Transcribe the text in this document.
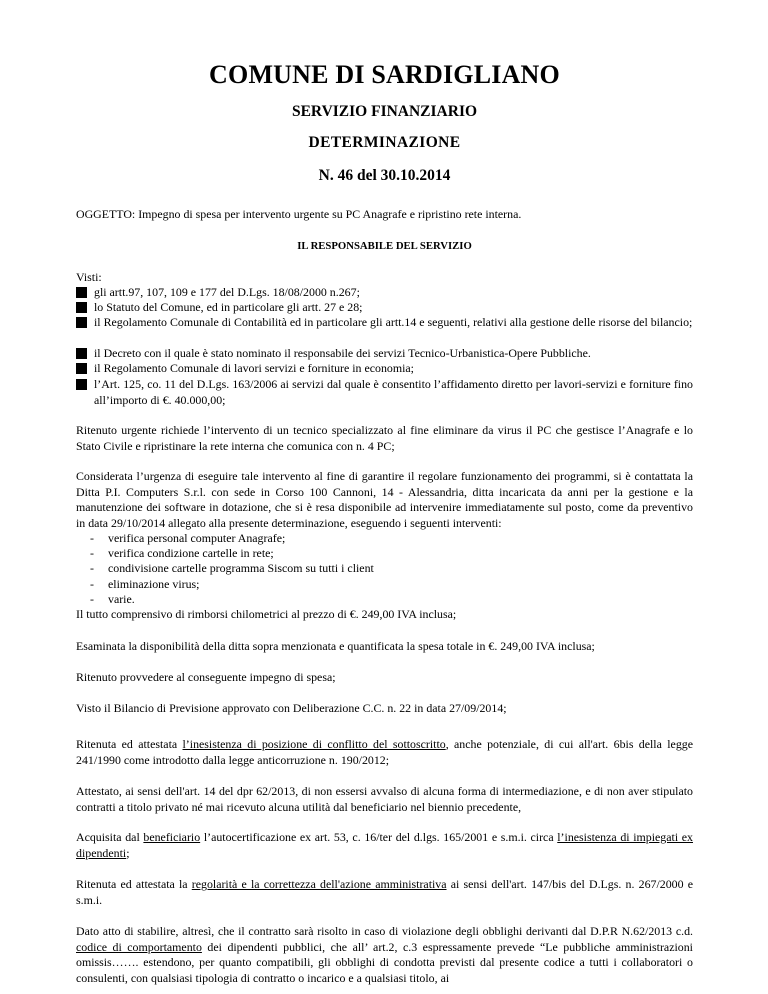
COMUNE DI SARDIGLIANO
SERVIZIO FINANZIARIO
DETERMINAZIONE
N. 46 del 30.10.2014
OGGETTO: Impegno di spesa per intervento urgente su PC Anagrafe e ripristino rete interna.
IL RESPONSABILE DEL SERVIZIO
Visti:
gli artt.97, 107, 109 e 177 del D.Lgs. 18/08/2000 n.267;
lo Statuto del Comune, ed in particolare gli artt. 27 e 28;
il Regolamento Comunale di Contabilità ed in particolare gli artt.14 e seguenti, relativi alla gestione delle risorse del bilancio;
il Decreto con il quale è stato nominato il responsabile dei servizi Tecnico-Urbanistica-Opere Pubbliche.
il Regolamento Comunale di lavori servizi e forniture in economia;
l’Art. 125, co. 11 del D.Lgs. 163/2006 ai servizi dal quale è consentito l’affidamento diretto per lavori-servizi e forniture fino all’importo di €. 40.000,00;
Ritenuto urgente richiede l’intervento di un tecnico specializzato al fine eliminare da virus il PC che gestisce l’Anagrafe e lo Stato Civile e ripristinare la rete interna che comunica con n. 4 PC;
Considerata l’urgenza di eseguire tale intervento al fine di garantire il regolare funzionamento dei programmi, si è contattata la Ditta P.I. Computers S.r.l. con sede in Corso 100 Cannoni, 14 - Alessandria, ditta incaricata da anni per la gestione e la manutenzione dei software in dotazione, che si è resa disponibile ad intervenire immediatamente sul posto, come da preventivo in data 29/10/2014 allegato alla presente determinazione, eseguendo i seguenti interventi:
- verifica personal computer Anagrafe;
- verifica condizione cartelle in rete;
- condivisione cartelle programma Siscom su tutti i client
- eliminazione virus;
- varie.
Il tutto comprensivo di rimborsi chilometrici al prezzo di €. 249,00 IVA inclusa;
Esaminata la disponibilità della ditta sopra menzionata e quantificata la spesa totale in €. 249,00 IVA inclusa;
Ritenuto provvedere al conseguente impegno di spesa;
Visto il Bilancio di Previsione approvato con Deliberazione C.C. n. 22 in data 27/09/2014;
Ritenuta ed attestata l’inesistenza di posizione di conflitto del sottoscritto, anche potenziale, di cui all'art. 6bis della legge 241/1990 come introdotto dalla legge anticorruzione n. 190/2012;
Attestato, ai sensi dell'art. 14 del dpr 62/2013, di non essersi avvalso di alcuna forma di intermediazione, e di non aver stipulato contratti a titolo privato né mai ricevuto alcuna utilità dal beneficiario nel biennio precedente,
Acquisita dal beneficiario l’autocertificazione ex art. 53, c. 16/ter del d.lgs. 165/2001 e s.m.i. circa l’inesistenza di impiegati ex dipendenti;
Ritenuta ed attestata la regolarità e la correttezza dell'azione amministrativa ai sensi dell'art. 147/bis del D.Lgs. n. 267/2000 e s.m.i.
Dato atto di stabilire, altresì, che il contratto sarà risolto in caso di violazione degli obblighi derivanti dal D.P.R N.62/2013 c.d. codice di comportamento dei dipendenti pubblici, che all’ art.2, c.3 espressamente prevede “Le pubbliche amministrazioni omissis……. estendono, per quanto compatibili, gli obblighi di condotta previsti dal presente codice a tutti i collaboratori o consulenti, con qualsiasi tipologia di contratto o incarico e a qualsiasi titolo, ai
